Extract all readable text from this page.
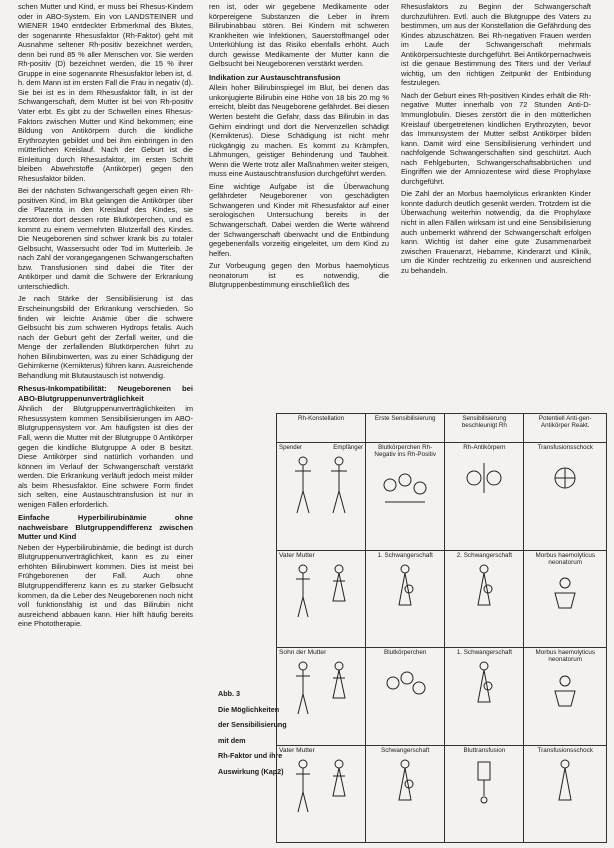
schen Mutter und Kind, er muss bei Rhesus-Kindern oder in ABO-System. Ein von LANDSTEINER und WIENER 1940 entdeckter Erbmerkmal des Blutes, der sogenannte Rhesusfaktor (Rh-Faktor) geht mit Ausnahme seltener Rh-positiv bezeichnet werden, denn bei rund 85 % aller Menschen vor. Sie werden Rh-positiv (D) bezeichnet werden, die 15 % ihrer Gruppe in eine sogenannte Rhesusfaktor leben ist, d. h. dem Mann ist im ersten Fall die Frau in negativ (d). Sie bei ist es in dem Rhesusfaktor fällt, in ist der Schwangerschaft, dem Mutter ist bei von Rh-positiv Vater erbt. Es gibt zu der Schwellen eines Rhesus-Faktors zwischen Mutter und Kind bekommen; eine Bildung von Antikörpern durch die kindliche Erythrozyten gebildet und bei ihm einbringen in den mütterlichen Kreislauf. Nach der Geburt ist die Einleitung durch Rhesusfaktor, im ersten Schritt bleiben Abwehrstoffe (Antikörper) gegen den Rhesusfaktor bilden.

Bei der nächsten Schwangerschaft gegen einen Rh-positiven Kind, im Blut gelangen die Antikörper über die Plazenta in den Kreislauf des Kindes, sie zerstören dort dessen rote Blutkörperchen, und es kommt zu einem vermehrten Blutzerfall des Kindes. Die Neugeborenen sind schwer krank bis zu totaler Gelbsucht, Wassersucht oder Tod im Mutterleib. Je nach Zahl der vorangegangenen Schwangerschaften bzw. Transfusionen sind dabei die Titer der Antikörper und damit die Schwere der Erkrankung unterschiedlich.

Je nach Stärke der Sensibilisierung ist das Erscheinungsbild der Erkrankung verschieden. So finden wir leichte Anämie über die schwere Gelbsucht bis zum schweren Hydrops fetalis. Auch nach der Geburt geht der Zerfall weiter, und die Menge der zerfallenden Blutkörperchen führt zu hohen Bilirubinwerten, was zu einer Schädigung der Gehirnkerne (Kernikterus) führen kann. Ausreichende Behandlung mit Blutaustausch ist notwendig.

Rhesus-Inkompatibilität: Neugeborenen bei ABO-Blutgruppenunverträglichkeit

Ähnlich der Blutgruppenunverträglichkeiten im Rhesussystem kommen Sensibilisierungen im ABO-Blutgruppensystem vor. Am häufigsten ist dies der Fall, wenn die Mutter mit der Blutgruppe 0 Antikörper gegen die kindliche Blutgruppe A oder B besitzt. Diese Antikörper sind natürlich vorhanden und können im Verlauf der Schwangerschaft verstärkt werden. Die Erkrankung verläuft jedoch meist milder als beim Rhesusfaktor. Eine schwere Form findet sich selten, eine Austauschtransfusion ist nur in wenigen Fällen erforderlich.

Einfache Hyperbilirubinämie ohne nachweisbare Blutgruppendifferenz zwischen Mutter und Kind

Neben der Hyperbilirubinämie, die bedingt ist durch Blutgruppenunverträglichkeit, kann es zu einer erhöhten Bilirubinwert kommen. Dies ist meist bei Frühgeborenen der Fall. Auch ohne Blutgruppendifferenz kann es zu starker Gelbsucht kommen, da die Leber des Neugeborenen noch nicht voll funktionsfähig ist und das Bilirubin nicht ausreichend abbauen kann. Hier hilft häufig bereits eine Phototherapie.

ren ist, oder wir gegebene Medikamente oder körpereigene Substanzen die Leber in ihrem Bilirubinabbau stören. Bei Kindern mit schweren Krankheiten wie Infektionen, Sauerstoffmangel oder Unterkühlung ist das Risiko ebenfalls erhöht. Auch durch gewisse Medikamente der Mutter kann die Gelbsucht bei Neugeborenen verstärkt werden.

Indikation zur Austauschtransfusion

Allein hoher Bilirubinspiegel im Blut, bei denen das unkonjugierte Bilirubin eine Höhe von 18 bis 20 mg % erreicht, bleibt das Neugeborene gefährdet. Bei diesen Werten besteht die Gefahr, dass das Bilirubin in das Gehirn eindringt und dort die Nervenzellen schädigt (Kernikterus). Diese Schädigung ist nicht mehr rückgängig zu machen. Es kommt zu Krämpfen, Lähmungen, geistiger Behinderung und Taubheit. Wenn die Werte trotz aller Maßnahmen weiter steigen, muss eine Austauschtransfusion durchgeführt werden.

Eine wichtige Aufgabe ist die Überwachung gefährdeter Neugeborener von geschädigten Schwangeren und Kinder mit Rhesusfaktor auf einer serologischen Untersuchung bereits in der Schwangerschaft. Dabei werden die Werte während der Schwangerschaft überwacht und die Entbindung gegebenenfalls vorzeitig eingeleitet, um dem Kind zu helfen.

Zur Vorbeugung gegen den Morbus haemolyticus neonatorum ist es notwendig, die Blutgruppenbestimmung einschließlich des

Rhesusfaktors zu Beginn der Schwangerschaft durchzuführen. Evtl. auch die Blutgruppe des Vaters zu bestimmen, um aus der Konstellation die Gefährdung des Kindes abzuschätzen. Bei Rh-negativen Frauen werden im Laufe der Schwangerschaft mehrmals Antikörpersuchteste durchgeführt. Bei Antikörpernachweis ist die genaue Bestimmung des Titers und der Verlauf wichtig, um den richtigen Zeitpunkt der Entbindung festzulegen.

Nach der Geburt eines Rh-positiven Kindes erhält die Rh-negative Mutter innerhalb von 72 Stunden Anti-D-Immunglobulin. Dieses zerstört die in den mütterlichen Kreislauf übergetretenen kindlichen Erythrozyten, bevor das Immunsystem der Mutter selbst Antikörper bilden kann. Damit wird eine Sensibilisierung verhindert und nachfolgende Schwangerschaften sind geschützt. Auch nach Fehlgeburten, Schwangerschaftsabbrüchen und Eingriffen wie der Amniozentese wird diese Prophylaxe durchgeführt.

Die Zahl der an Morbus haemolyticus erkrankten Kinder konnte dadurch deutlich gesenkt werden. Trotzdem ist die Überwachung weiterhin notwendig, da die Prophylaxe nicht in allen Fällen wirksam ist und eine Sensibilisierung auch unbemerkt während der Schwangerschaft erfolgen kann. Wichtig ist daher eine gute Zusammenarbeit zwischen Frauenarzt, Hebamme, Kinderarzt und Klinik, um die Kinder rechtzeitig zu erkennen und ausreichend zu behandeln.

Rh-Konstellation	Erste Sensibilisierung	Sensibilisierung beschleunigt Rh	Potentiell Anti-gen-Antikörper Reakt.

Spender Empfänger	Blutkörperchen Rh-Negativ ins Rh-Positiv	Rh-Antikörpern	Transfusionsschock

Vater Mutter	1. Schwangerschaft	2. Schwangerschaft	Morbus haemolyticus neonatorum

Sohn der Mutter	Blutkörperchen	1. Schwangerschaft	Morbus haemolyticus neonatorum

Vater Mutter	Schwangerschaft	Bluttransfusion	Transfusionsschock
Abb. 3
Die Möglichkeiten
der Sensibilisierung
mit dem
Rh-Faktor und ihre
Auswirkung (Kap2)
